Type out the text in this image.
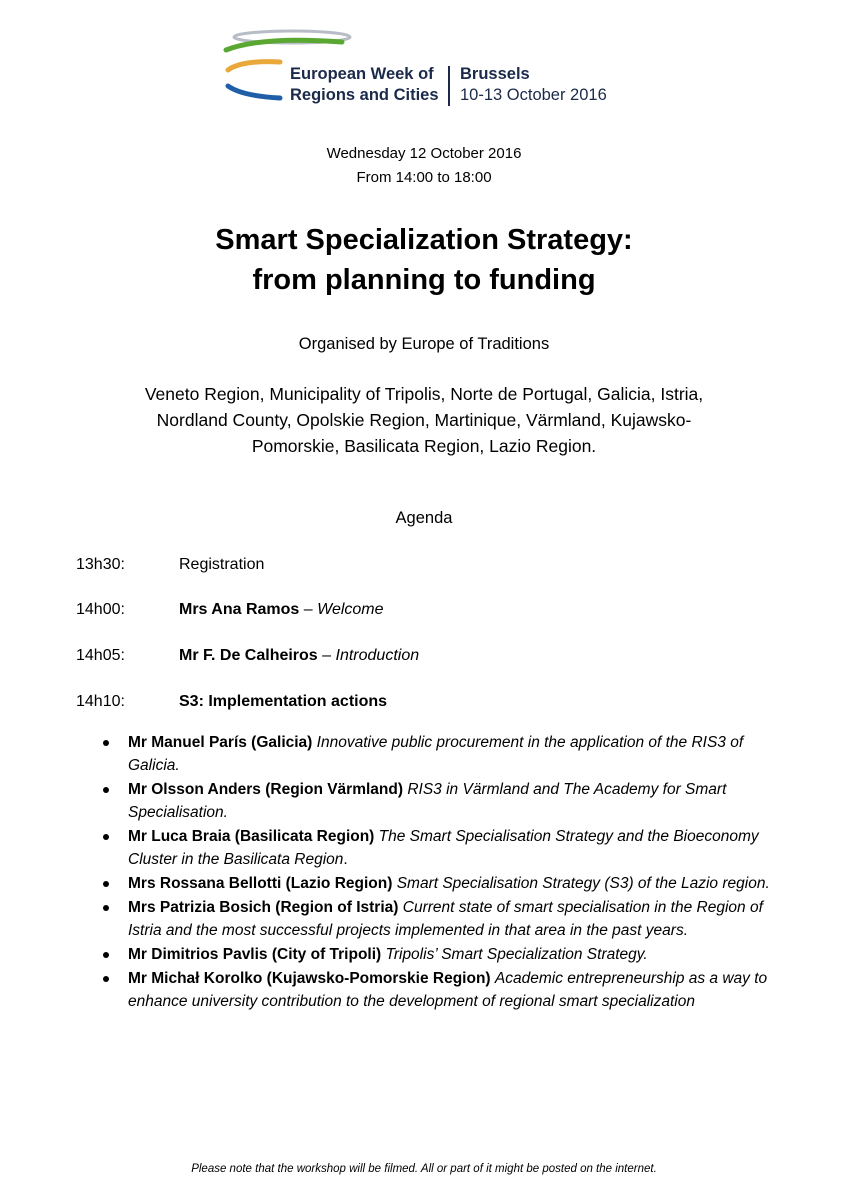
European Week of
Regions and Cities
Brussels
10-13 October 2016
Wednesday 12 October 2016
From 14:00 to 18:00
Smart Specialization Strategy:
from planning to funding
Organised by Europe of Traditions
Veneto Region, Municipality of Tripolis, Norte de Portugal, Galicia, Istria,
Nordland County, Opolskie Region, Martinique, Värmland, Kujawsko-
Pomorskie, Basilicata Region, Lazio Region.
Agenda
13h30:	Registration
14h00:	Mrs Ana Ramos – Welcome
14h05:	Mr F. De Calheiros – Introduction
14h10:	S3: Implementation actions
Mr Manuel París (Galicia) Innovative public procurement in the application of the RIS3 of Galicia.
Mr Olsson Anders (Region Värmland) RIS3 in Värmland and The Academy for Smart Specialisation.
Mr Luca Braia (Basilicata Region) The Smart Specialisation Strategy and the Bioeconomy Cluster in the Basilicata Region.
Mrs Rossana Bellotti (Lazio Region) Smart Specialisation Strategy (S3) of the Lazio region.
Mrs Patrizia Bosich (Region of Istria) Current state of smart specialisation in the Region of Istria and the most successful projects implemented in that area in the past years.
Mr Dimitrios Pavlis (City of Tripoli) Tripolis’ Smart Specialization Strategy.
Mr Michał Korolko (Kujawsko-Pomorskie Region) Academic entrepreneurship as a way to enhance university contribution to the development of regional smart specialization
Please note that the workshop will be filmed. All or part of it might be posted on the internet.
